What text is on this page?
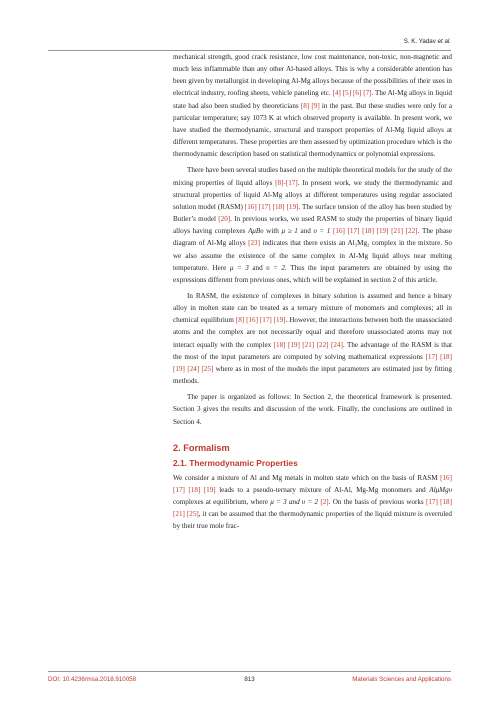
S. K. Yadav et al.

mechanical strength, good crack resistance, low cost maintenance, non-toxic, non-magnetic and much less inflammable than any other Al-based alloys. This is why a considerable attention has been given by metallurgist in developing Al-Mg alloys because of the possibilities of their uses in electrical industry, roofing sheets, vehicle paneling etc. [4] [5] [6] [7]. The Al-Mg alloys in liquid state had also been studied by theoreticians [8] [9] in the past. But these studies were only for a particular temperature; say 1073 K at which observed property is available. In present work, we have studied the thermodynamic, structural and transport properties of Al-Mg liquid alloys at different temperatures. These properties are then assessed by optimization procedure which is the thermodynamic description based on statistical thermodynamics or polynomial expressions.

There have been several studies based on the multiple theoretical models for the study of the mixing properties of liquid alloys [8]-[17]. In present work, we study the thermodynamic and structural properties of liquid Al-Mg alloys at different temperatures using regular associated solution model (RASM) [16] [17] [18] [19]. The surface tension of the alloy has been studied by Butler’s model [20]. In previous works, we used RASM to study the properties of binary liquid alloys having complexes AμBυ with μ ≥ 1 and υ = 1 [16] [17] [18] [19] [21] [22]. The phase diagram of Al-Mg alloys [23] indicates that there exists an Al₃Mg₂ complex in the mixture. So we also assume the existence of the same complex in Al-Mg liquid alloys near melting temperature. Here μ = 3 and υ = 2. Thus the input parameters are obtained by using the expressions different from previous ones, which will be explained in section 2 of this article.

In RASM, the existence of complexes in binary solution is assumed and hence a binary alloy in molten state can be treated as a ternary mixture of monomers and complexes; all in chemical equilibrium [8] [16] [17] [19]. However, the interactions between both the unassociated atoms and the complex are not necessarily equal and therefore unassociated atoms may not interact equally with the complex [18] [19] [21] [22] [24]. The advantage of the RASM is that the most of the input parameters are computed by solving mathematical expressions [17] [18] [19] [24] [25] where as in most of the models the input parameters are estimated just by fitting methods.

The paper is organized as follows: In Section 2, the theoretical framework is presented. Section 3 gives the results and discussion of the work. Finally, the conclusions are outlined in Section 4.

2. Formalism
2.1. Thermodynamic Properties

We consider a mixture of Al and Mg metals in molten state which on the basis of RASM [16] [17] [18] [19] leads to a pseudo-ternary mixture of Al-Al, Mg-Mg monomers and AlμMgυ complexes at equilibrium, where μ = 3 and υ = 2 [2]. On the basis of previous works [17] [18] [21] [25], it can be assumed that the thermodynamic properties of the liquid mixture is overruled by their true mole frac-

DOI: 10.4236/msa.2018.910058	813	Materials Sciences and Applications
